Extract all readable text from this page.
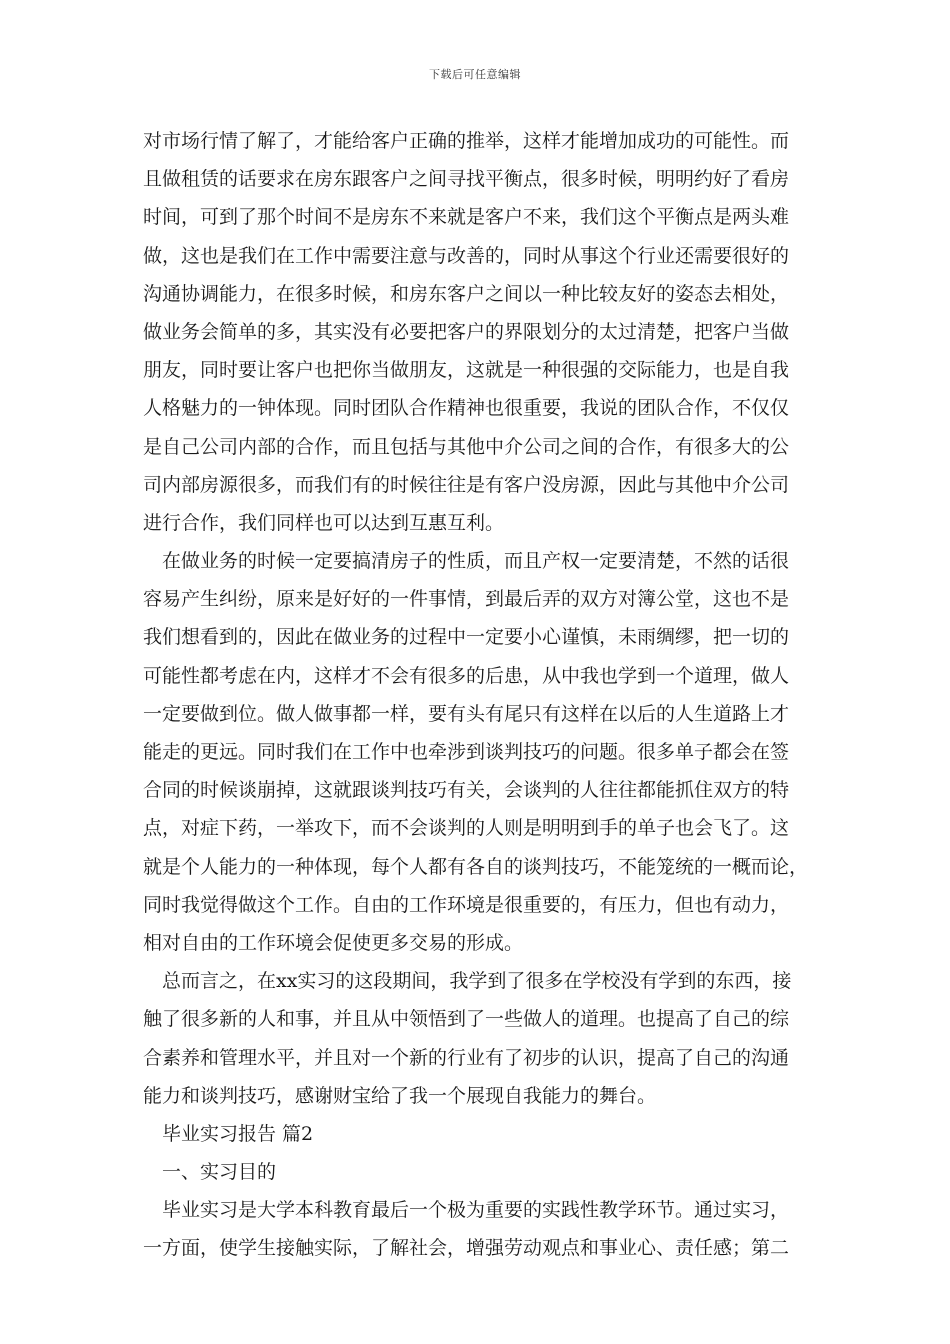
下载后可任意编辑
对市场行情了解了，才能给客户正确的推举，这样才能增加成功的可能性。而
且做租赁的话要求在房东跟客户之间寻找平衡点，很多时候，明明约好了看房
时间，可到了那个时间不是房东不来就是客户不来，我们这个平衡点是两头难
做，这也是我们在工作中需要注意与改善的，同时从事这个行业还需要很好的
沟通协调能力，在很多时候，和房东客户之间以一种比较友好的姿态去相处，
做业务会简单的多，其实没有必要把客户的界限划分的太过清楚，把客户当做
朋友，同时要让客户也把你当做朋友，这就是一种很强的交际能力，也是自我
人格魅力的一钟体现。同时团队合作精神也很重要，我说的团队合作，不仅仅
是自己公司内部的合作，而且包括与其他中介公司之间的合作，有很多大的公
司内部房源很多，而我们有的时候往往是有客户没房源，因此与其他中介公司
进行合作，我们同样也可以达到互惠互利。
在做业务的时候一定要搞清房子的性质，而且产权一定要清楚，不然的话很
容易产生纠纷，原来是好好的一件事情，到最后弄的双方对簿公堂，这也不是
我们想看到的，因此在做业务的过程中一定要小心谨慎，未雨绸缪，把一切的
可能性都考虑在内，这样才不会有很多的后患，从中我也学到一个道理，做人
一定要做到位。做人做事都一样，要有头有尾只有这样在以后的人生道路上才
能走的更远。同时我们在工作中也牵涉到谈判技巧的问题。很多单子都会在签
合同的时候谈崩掉，这就跟谈判技巧有关，会谈判的人往往都能抓住双方的特
点，对症下药，一举攻下，而不会谈判的人则是明明到手的单子也会飞了。这
就是个人能力的一种体现，每个人都有各自的谈判技巧，不能笼统的一概而论，
同时我觉得做这个工作。自由的工作环境是很重要的，有压力，但也有动力，
相对自由的工作环境会促使更多交易的形成。
总而言之，在xx实习的这段期间，我学到了很多在学校没有学到的东西，接
触了很多新的人和事，并且从中领悟到了一些做人的道理。也提高了自己的综
合素养和管理水平，并且对一个新的行业有了初步的认识，提高了自己的沟通
能力和谈判技巧，感谢财宝给了我一个展现自我能力的舞台。
毕业实习报告 篇2
一、实习目的
毕业实习是大学本科教育最后一个极为重要的实践性教学环节。通过实习，
一方面，使学生接触实际，了解社会，增强劳动观点和事业心、责任感；第二
